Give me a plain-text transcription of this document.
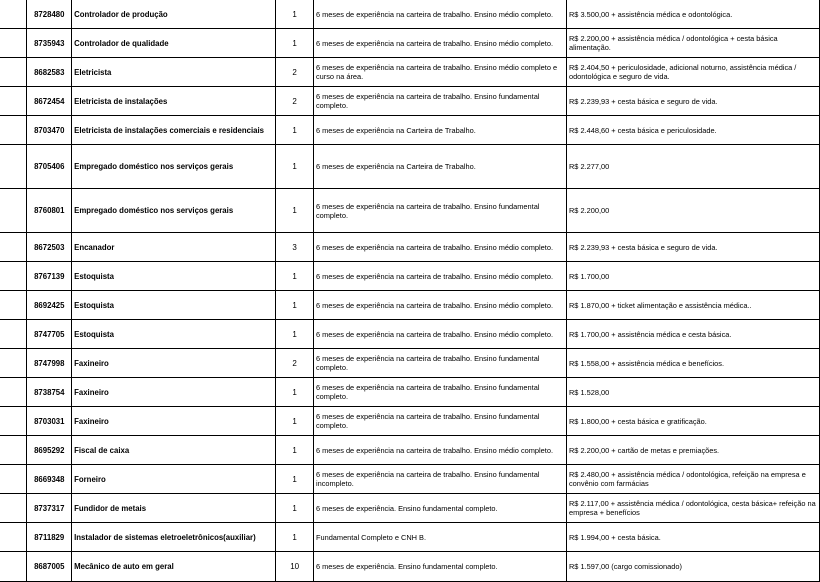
	8728480	Controlador de produção	1	6 meses de experiência na carteira de trabalho. Ensino médio completo.	R$ 3.500,00 + assistência médica e odontológica.
	8735943	Controlador de qualidade	1	6 meses de experiência na carteira de trabalho. Ensino médio completo.	R$ 2.200,00 + assistência médica / odontológica + cesta básica alimentação.
	8682583	Eletricista	2	6 meses de experiência na carteira de trabalho. Ensino médio completo e curso na área.	R$ 2.404,50 + periculosidade, adicional noturno, assistência médica / odontológica e seguro de vida.
	8672454	Eletricista de instalações	2	6 meses de experiência na carteira de trabalho. Ensino fundamental completo.	R$ 2.239,93 + cesta básica e seguro de vida.
	8703470	Eletricista de instalações comerciais e residenciais	1	6 meses de experiência na Carteira de Trabalho.	R$ 2.448,60 + cesta básica e periculosidade.
	8705406	Empregado doméstico nos serviços gerais	1	6 meses de experiência na Carteira de Trabalho.	R$ 2.277,00
	8760801	Empregado doméstico nos serviços gerais	1	6 meses de experiência na carteira de trabalho. Ensino fundamental completo.	R$ 2.200,00
	8672503	Encanador	3	6 meses de experiência na carteira de trabalho. Ensino médio completo.	R$ 2.239,93 + cesta básica e seguro de vida.
	8767139	Estoquista	1	6 meses de experiência na carteira de trabalho. Ensino médio completo.	R$ 1.700,00
	8692425	Estoquista	1	6 meses de experiência na carteira de trabalho. Ensino médio completo.	R$ 1.870,00 + ticket alimentação e assistência médica..
	8747705	Estoquista	1	6 meses de experiência na carteira de trabalho. Ensino médio completo.	R$ 1.700,00 + assistência médica e cesta básica.
	8747998	Faxineiro	2	6 meses de experiência na carteira de trabalho. Ensino fundamental completo.	R$ 1.558,00 + assistência médica e benefícios.
	8738754	Faxineiro	1	6 meses de experiência na carteira de trabalho. Ensino fundamental completo.	R$ 1.528,00
	8703031	Faxineiro	1	6 meses de experiência na carteira de trabalho. Ensino fundamental completo.	R$ 1.800,00 + cesta básica e gratificação.
	8695292	Fiscal de caixa	1	6 meses de experiência na carteira de trabalho. Ensino médio completo.	R$ 2.200,00 + cartão de metas e premiações.
	8669348	Forneiro	1	6 meses de experiência na carteira de trabalho. Ensino fundamental incompleto.	R$ 2.480,00 + assistência médica / odontológica, refeição na empresa e convênio com farmácias
	8737317	Fundidor de metais	1	6 meses de experiência. Ensino fundamental completo.	R$ 2.117,00 + assistência médica / odontológica, cesta básica+ refeição na empresa + benefícios
	8711829	Instalador de sistemas eletroeletrônicos(auxiliar)	1	Fundamental Completo e CNH B.	R$ 1.994,00 + cesta básica.
	8687005	Mecânico de auto em geral	10	6 meses de experiência. Ensino fundamental completo.	R$ 1.597,00 (cargo comissionado)
